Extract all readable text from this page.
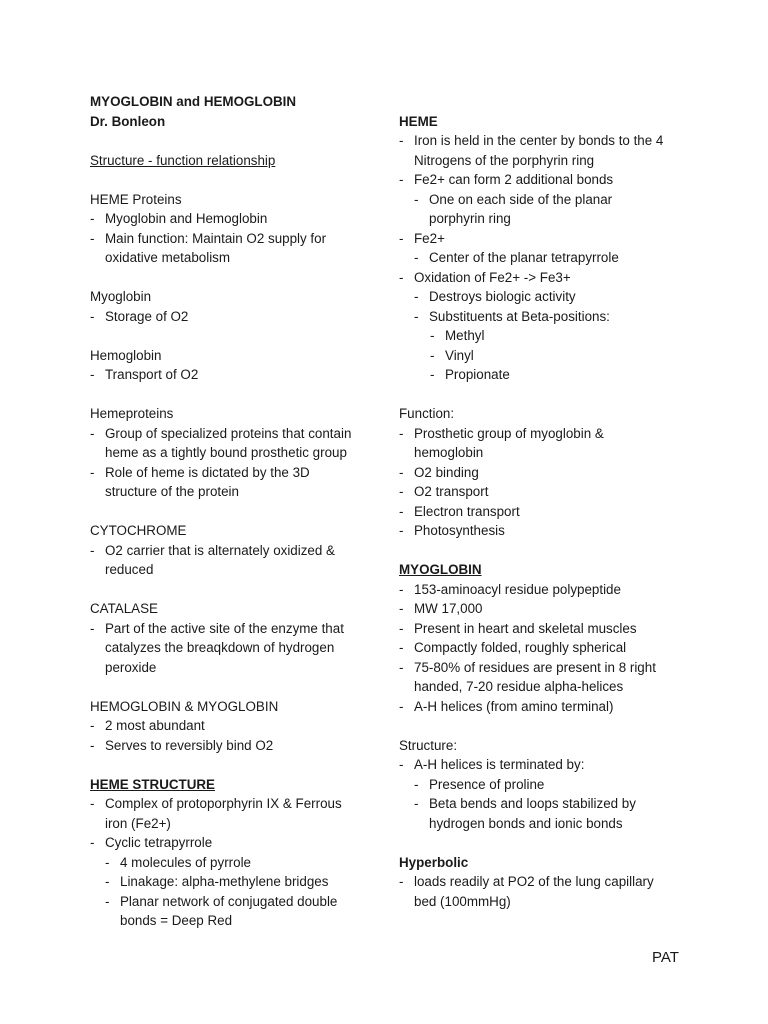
MYOGLOBIN and HEMOGLOBIN
Dr. Bonleon
Structure - function relationship
HEME Proteins
- Myoglobin and Hemoglobin
- Main function: Maintain O2 supply for
oxidative metabolism
Myoglobin
- Storage of O2
Hemoglobin
- Transport of O2
Hemeproteins
- Group of specialized proteins that contain
heme as a tightly bound prosthetic group
- Role of heme is dictated by the 3D
structure of the protein
CYTOCHROME
- O2 carrier that is alternately oxidized &
reduced
CATALASE
- Part of the active site of the enzyme that
catalyzes the breaqkdown of hydrogen
peroxide
HEMOGLOBIN & MYOGLOBIN
- 2 most abundant
- Serves to reversibly bind O2
HEME STRUCTURE
- Complex of protoporphyrin IX & Ferrous
iron (Fe2+)
- Cyclic tetrapyrrole
- 4 molecules of pyrrole
- Linakage: alpha-methylene bridges
- Planar network of conjugated double
bonds = Deep Red
HEME
- Iron is held in the center by bonds to the 4
Nitrogens of the porphyrin ring
- Fe2+ can form 2 additional bonds
- One on each side of the planar
porphyrin ring
- Fe2+
- Center of the planar tetrapyrrole
- Oxidation of Fe2+ -> Fe3+
- Destroys biologic activity
- Substituents at Beta-positions:
- Methyl
- Vinyl
- Propionate
Function:
- Prosthetic group of myoglobin &
hemoglobin
- O2 binding
- O2 transport
- Electron transport
- Photosynthesis
MYOGLOBIN
- 153-aminoacyl residue polypeptide
- MW 17,000
- Present in heart and skeletal muscles
- Compactly folded, roughly spherical
- 75-80% of residues are present in 8 right
handed, 7-20 residue alpha-helices
- A-H helices (from amino terminal)
Structure:
- A-H helices is terminated by:
- Presence of proline
- Beta bends and loops stabilized by
hydrogen bonds and ionic bonds
Hyperbolic
- loads readily at PO2 of the lung capillary
bed (100mmHg)
PAT
